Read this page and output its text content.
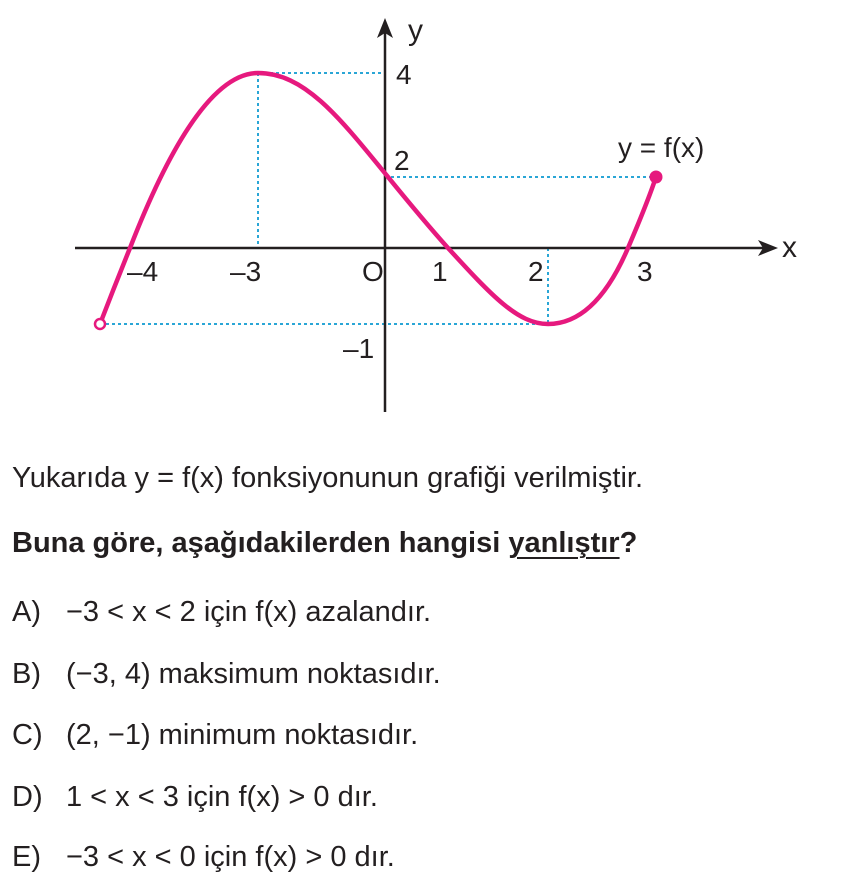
y
x
4
2
–1
–4	–3	O 1	2	3
y = f(x)
Yukarıda y = f(x) fonksiyonunun grafiği verilmiştir.
Buna göre, aşağıdakilerden hangisi yanlıştır?
A) −3 < x < 2 için f(x) azalandır.
B) (−3, 4) maksimum noktasıdır.
C) (2, −1) minimum noktasıdır.
D) 1 < x < 3 için f(x) > 0 dır.
E) −3 < x < 0 için f(x) > 0 dır.
